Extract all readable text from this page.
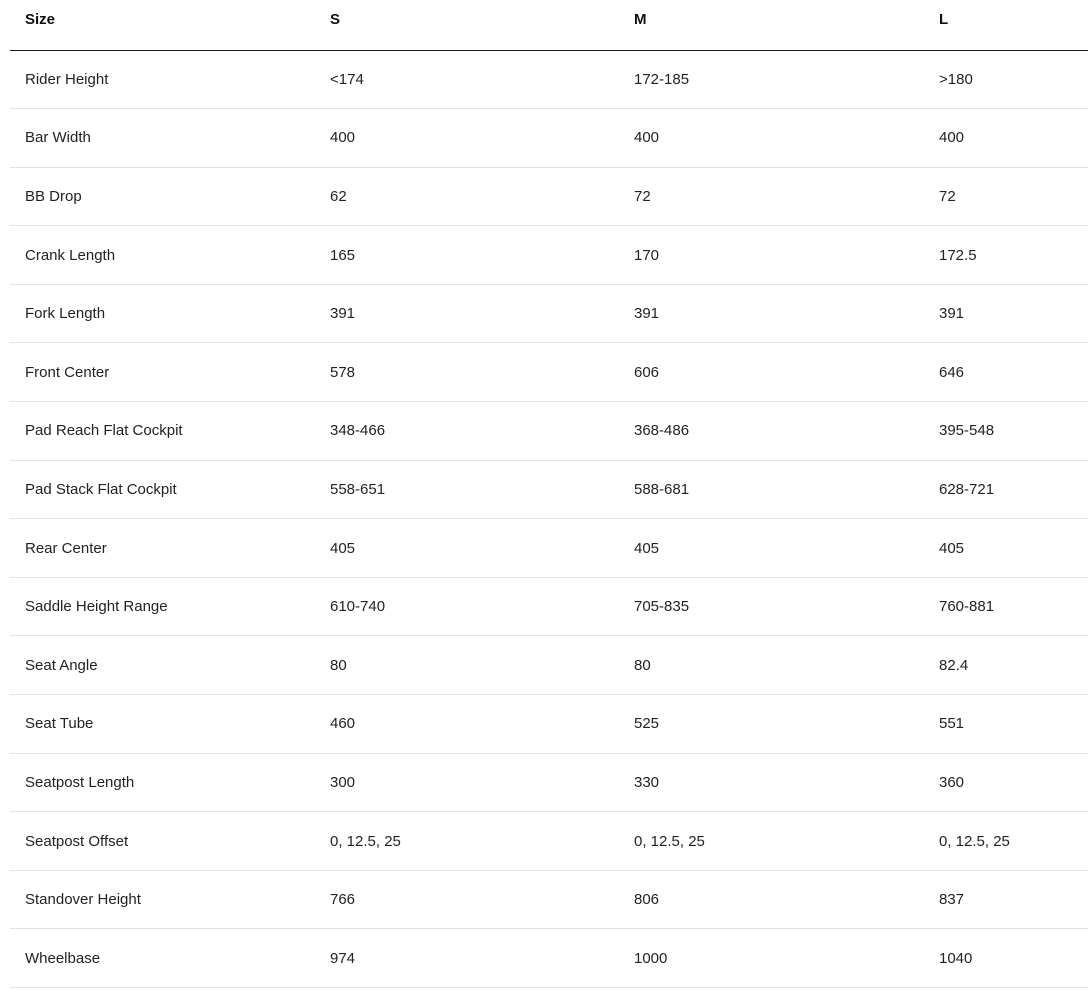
Size	S	M	L
Rider Height	<174	172-185	>180
Bar Width	400	400	400
BB Drop	62	72	72
Crank Length	165	170	172.5
Fork Length	391	391	391
Front Center	578	606	646
Pad Reach Flat Cockpit	348-466	368-486	395-548
Pad Stack Flat Cockpit	558-651	588-681	628-721
Rear Center	405	405	405
Saddle Height Range	610-740	705-835	760-881
Seat Angle	80	80	82.4
Seat Tube	460	525	551
Seatpost Length	300	330	360
Seatpost Offset	0, 12.5, 25	0, 12.5, 25	0, 12.5, 25
Standover Height	766	806	837
Wheelbase	974	1000	1040
